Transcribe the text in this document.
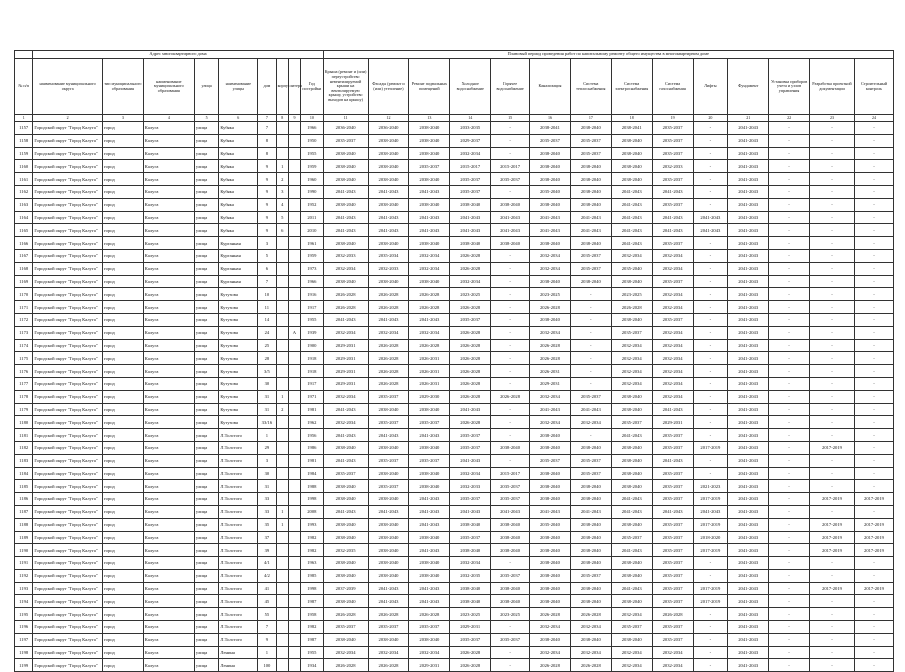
	Адрес многоквартирного дома									Плановый период проведения работ по капитальному ремонту общего имущества в многоквартирном доме													
№ п/п	наименование муниципального округа	тип муниципального образования	наименование муниципального образования	улица	наименование улицы	дом	корпус	литера	Год постройки	Крыша (ремонт и (или) переустройство невентилируемой крыши на вентилируемую крышу, устройство выходов на крышу)	Фасады (ремонт и (или) утепление)	Ремонт подвальных помещений	Холодное водоснабжение	Горячее водоснабжение	Канализация	Система теплоснабжения	Система электроснабжения	Система газоснабжения	Лифты	Фундамент	Установка приборов учета и узлов управления	Разработка проектной документации	Строительный контроль
1	2	3	4	5	6	7	8	9	10	11	12	13	14	15	16	17	18	19	20	21	22	23	24
1157	Городской округ "Город Калуга"	город	Калуга	улица	Кубяка	7			1966	2036-2040	2036-2040	2038-2040	2033-2035	-	2038-2041	2038-2040	2038-2041	2035-2037	-	2041-2043	-	-	-
1158	Городской округ "Город Калуга"	город	Калуга	улица	Кубяка	8			1950	2035-2037	2038-2040	2038-2040	2029-2037	-	2035-2037	2035-2037	2038-2040	2035-2037	-	2041-2043	-	-	-
1159	Городской округ "Город Калуга"	город	Калуга	улица	Кубяка	8			1955	2038-2040	2038-2040	2038-2040	2032-2034	-	2038-2040	2035-2037	2038-2040	2035-2037	-	2041-2043	-	-	-
1160	Городской округ "Город Калуга"	город	Калуга	улица	Кубяка	9	1		1959	2038-2040	2038-2040	2035-2037	2015-2017	2015-2017	2038-2040	2038-2040	2038-2040	2032-2033	-	2041-2043	-	-	-
1161	Городской округ "Город Калуга"	город	Калуга	улица	Кубяка	9	2		1960	2038-2040	2038-2040	2038-2040	2035-2037	2035-2037	2038-2040	2038-2040	2038-2040	2035-2037	-	2041-2043	-	-	-
1162	Городской округ "Город Калуга"	город	Калуга	улица	Кубяка	9	3		1990	2041-2043	2041-2043	2041-2043	2035-2037	-	2035-2040	2038-2040	2041-2043	2041-2043	-	2041-2043	-	-	-
1163	Городской округ "Город Калуга"	город	Калуга	улица	Кубяка	9	4		1952	2038-2040	2038-2040	2038-2040	2038-2040	2038-2040	2038-2040	2038-2040	2041-2043	2035-2037	-	2041-2043	-	-	-
1164	Городской округ "Город Калуга"	город	Калуга	улица	Кубяка	9	5		2011	2041-2043	2041-2043	2041-2043	2041-2043	2041-2043	2041-2043	2041-2043	2041-2043	2041-2043	2041-2043	2041-2043	-	-	-
1165	Городской округ "Город Калуга"	город	Калуга	улица	Кубяка	9	6		2010	2041-2043	2041-2043	2041-2043	2041-2043	2041-2043	2041-2043	2041-2043	2041-2043	2041-2043	2041-2043	2041-2043	-	-	-
1166	Городской округ "Город Калуга"	город	Калуга	улица	Курганная	3			1961	2038-2040	2038-2040	2038-2040	2038-2040	2038-2040	2038-2040	2038-2040	2041-2043	2035-2037	-	2041-2043	-	-	-
1167	Городской округ "Город Калуга"	город	Калуга	улица	Курганная	5			1959	2032-2033	2035-2034	2032-2034	2026-2028	-	2032-2034	2035-2037	2032-2034	2032-2034	-	2041-2043	-	-	-
1168	Городской округ "Город Калуга"	город	Калуга	улица	Курганная	6			1973	2032-2034	2032-2033	2032-2034	2026-2028	-	2032-2034	2035-2037	2035-2040	2032-2034	-	2041-2043	-	-	-
1169	Городской округ "Город Калуга"	город	Калуга	улица	Курганная	7			1966	2038-2040	2038-2040	2038-2040	2032-2034	-	2038-2040	2038-2040	2038-2040	2035-2037	-	2041-2043	-	-	-
1170	Городской округ "Город Калуга"	город	Калуга	улица	Кутузова	10			1916	2026-2028	2026-2028	2026-2028	2023-2025	-	2023-2025	-	2023-2025	2032-2034	-	2041-2043	-	-	-
1171	Городской округ "Город Калуга"	город	Калуга	улица	Кутузова	11			1917	2026-2028	2026-2028	2026-2028	2026-2028	-	2026-2028	-	2026-2028	2032-2034	-	2041-2043	-	-	-
1172	Городской округ "Город Калуга"	город	Калуга	улица	Кутузова	14			1955	2041-2043	2041-2043	2041-2043	2035-2037	-	2038-2040	-	2038-2040	2035-2037	-	2041-2043	-	-	-
1173	Городской округ "Город Калуга"	город	Калуга	улица	Кутузова	24		А	1939	2032-2034	2032-2034	2032-2034	2026-2028	-	2032-2034	-	2035-2037	2032-2034	-	2041-2043	-	-	-
1174	Городской округ "Город Калуга"	город	Калуга	улица	Кутузова	25			1900	2029-2031	2026-2028	2026-2028	2026-2028	-	2026-2028	-	2032-2034	2032-2034	-	2041-2043	-	-	-
1175	Городской округ "Город Калуга"	город	Калуга	улица	Кутузова	28			1918	2029-2031	2026-2028	2026-2031	2026-2028	-	2026-2028	-	2032-2034	2032-2034	-	2041-2043	-	-	-
1176	Городской округ "Город Калуга"	город	Калуга	улица	Кутузова	3/5			1918	2029-2031	2026-2028	2026-2031	2026-2028	-	2026-2031	-	2032-2034	2032-2034	-	2041-2043	-	-	-
1177	Городской округ "Город Калуга"	город	Калуга	улица	Кутузова	30			1917	2029-2031	2026-2028	2026-2031	2026-2028	-	2029-2031	-	2032-2034	2032-2034	-	2041-2043	-	-	-
1178	Городской округ "Город Калуга"	город	Калуга	улица	Кутузова	31	1		1971	2032-2034	2035-2037	2029-2030	2026-2028	2026-2028	2032-2034	2035-2037	2038-2040	2032-2034	-	2041-2043	-	-	-
1179	Городской округ "Город Калуга"	город	Калуга	улица	Кутузова	31	2		1981	2041-2043	2038-2040	2038-2040	2041-2043	-	2041-2043	2041-2043	2038-2040	2041-2043	-	2041-2043	-	-	-
1180	Городской округ "Город Калуга"	город	Калуга	улица	Кутузова	33/16			1962	2032-2034	2035-2037	2035-2037	2026-2028	-	2032-2034	2032-2034	2035-2037	2029-2031	-	2041-2043	-	-	-
1181	Городской округ "Город Калуга"	город	Калуга	улица	Л.Толстого	1			1956	2041-2043	2041-2043	2041-2043	2035-2037	-	2038-2040	-	2041-2043	2035-2037	-	2041-2043	-	-	-
1182	Городской округ "Город Калуга"	город	Калуга	улица	Л.Толстого	29			1986	2038-2040	2038-2040	2038-2040	2035-2037	2038-2040	2038-2040	2038-2040	2038-2040	2035-2037	2017-2019	2041-2043	-	2017-2019	-
1183	Городской округ "Город Калуга"	город	Калуга	улица	Л.Толстого	3			1981	2041-2043	2035-2037	2035-2037	2041-2043	-	2035-2037	2035-2037	2038-2040	2041-2043	-	2041-2043	-	-	-
1184	Городской округ "Город Калуга"	город	Калуга	улица	Л.Толстого	30			1984	2035-2037	2038-2040	2038-2040	2032-2034	2015-2017	2038-2040	2035-2037	2038-2040	2035-2037	-	2041-2043	-	-	-
1185	Городской округ "Город Калуга"	город	Калуга	улица	Л.Толстого	31			1988	2038-2040	2035-2037	2038-2040	2032-2033	2035-2037	2038-2040	2038-2040	2038-2040	2035-2037	2021-2023	2041-2043	-	-	-
1186	Городской округ "Город Калуга"	город	Калуга	улица	Л.Толстого	33			1998	2038-2040	2038-2040	2041-2043	2035-2037	2035-2037	2038-2040	2038-2040	2041-2043	2035-2037	2017-2019	2041-2043	-	2017-2019	2017-2019
1187	Городской округ "Город Калуга"	город	Калуга	улица	Л.Толстого	33	1		2008	2041-2043	2041-2043	2041-2043	2041-2043	2041-2043	2041-2043	2041-2043	2041-2043	2041-2043	2041-2043	2041-2043	-	-	-
1188	Городской округ "Город Калуга"	город	Калуга	улица	Л.Толстого	35	1		1993	2038-2040	2038-2040	2041-2043	2038-2040	2038-2040	2035-2040	2038-2040	2038-2040	2035-2037	2017-2019	2041-2043	-	2017-2019	2017-2019
1189	Городской округ "Город Калуга"	город	Калуга	улица	Л.Толстого	37			1982	2038-2040	2038-2040	2038-2040	2035-2037	2038-2040	2038-2040	2038-2040	2035-2037	2035-2037	2018-2020	2041-2043	-	2017-2019	2017-2019
1190	Городской округ "Город Калуга"	город	Калуга	улица	Л.Толстого	39			1982	2032-2035	2038-2040	2041-2043	2038-2040	2038-2040	2038-2040	2038-2040	2041-2043	2035-2037	2017-2019	2041-2043	-	2017-2019	2017-2019
1191	Городской округ "Город Калуга"	город	Калуга	улица	Л.Толстого	4/1			1963	2038-2040	2038-2040	2038-2040	2032-2034	-	2038-2040	2038-2040	2038-2040	2035-2037	-	2041-2043	-	-	-
1192	Городской округ "Город Калуга"	город	Калуга	улица	Л.Толстого	4/2			1985	2038-2040	2038-2040	2038-2040	2032-2035	2035-2037	2038-2040	2035-2037	2038-2040	2035-2037	-	2041-2043	-	-	-
1193	Городской округ "Город Калуга"	город	Калуга	улица	Л.Толстого	41			1998	2037-2039	2041-2043	2041-2043	2038-2040	2038-2040	2038-2040	2038-2040	2041-2043	2035-2037	2017-2019	2041-2043	-	2017-2019	2017-2019
1194	Городской округ "Город Калуга"	город	Калуга	улица	Л.Толстого	45			1987	2038-2040	2041-2043	2041-2043	2038-2040	2038-2040	2038-2040	2038-2040	2038-2040	2035-2037	2017-2019	2041-2043	-	-	-
1195	Городской округ "Город Калуга"	город	Калуга	улица	Л.Толстого	55			1958	2026-2028	2026-2028	2026-2028	2023-2025	2023-2025	2026-2028	2026-2028	2032-2034	2026-2028	-	2041-2043	-	-	-
1196	Городской округ "Город Калуга"	город	Калуга	улица	Л.Толстого	7			1982	2035-2037	2035-2037	2035-2037	2029-2031	-	2032-2034	2032-2034	2035-2037	2035-2037	-	2041-2043	-	-	-
1197	Городской округ "Город Калуга"	город	Калуга	улица	Л.Толстого	9			1987	2038-2040	2038-2040	2038-2040	2035-2037	2035-2037	2038-2040	2038-2040	2038-2040	2035-2037	-	2041-2043	-	-	-
1198	Городской округ "Город Калуга"	город	Калуга	улица	Ленина	1			1955	2032-2034	2032-2034	2032-2034	2026-2028	-	2032-2034	2032-2034	2032-2034	2032-2034	-	2041-2043	-	-	-
1199	Городской округ "Город Калуга"	город	Калуга	улица	Ленина	100			1934	2026-2028	2026-2028	2029-2031	2026-2028	-	2026-2028	2026-2028	2032-2034	2032-2034	-	2041-2043	-	-	-
